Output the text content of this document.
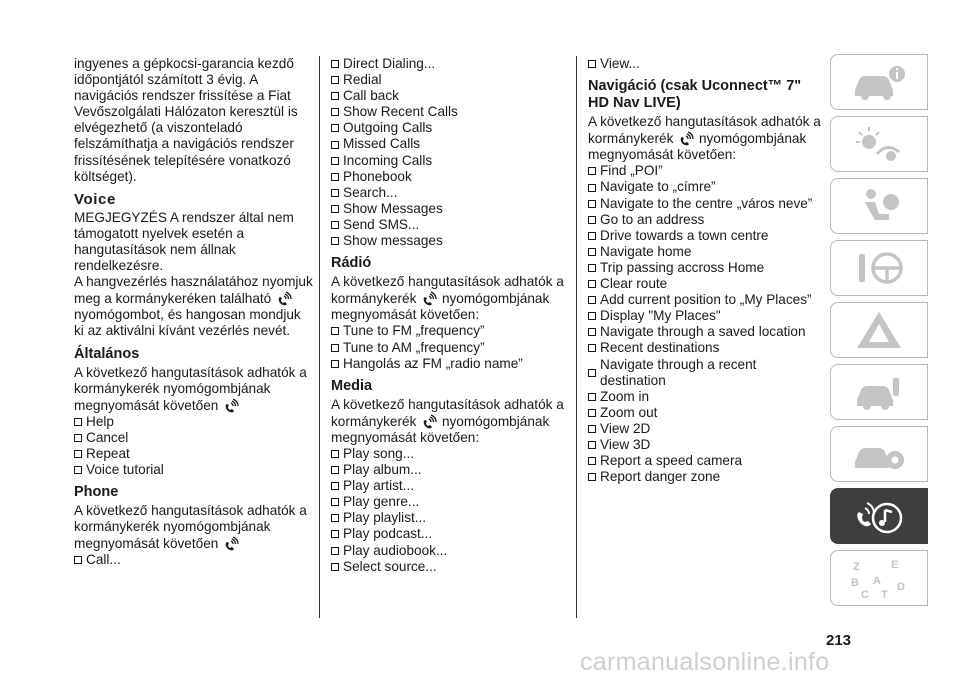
ingyenes a gépkocsi-garancia kezdő időpontjától számított 3 évig. A navigációs rendszer frissítése a Fiat Vevőszolgálati Hálózaton keresztül is elvégezhető (a viszonteladó felszámíthatja a navigációs rendszer frissítésének telepítésére vonatkozó költséget).

Voice

MEGJEGYZÉS A rendszer által nem támogatott nyelvek esetén a hangutasítások nem állnak rendelkezésre.

A hangvezérlés használatához nyomjuk meg a kormánykeréken található  nyomógombot, és hangosan mondjuk ki az aktiválni kívánt vezérlés nevét.

Általános

A következő hangutasítások adhatók a kormánykerék nyomógombjának megnyomását követően

Help
Cancel
Repeat
Voice tutorial
Phone

A következő hangutasítások adhatók a kormánykerék nyomógombjának megnyomását követően

Call...
Direct Dialing...
Redial
Call back
Show Recent Calls
Outgoing Calls
Missed Calls
Incoming Calls
Phonebook
Search...
Show Messages
Send SMS...
Show messages
Rádió

A következő hangutasítások adhatók a kormánykerék nyomógombjának megnyomását követően:

Tune to FM „frequency”
Tune to AM „frequency”
Hangolás az FM „radio name”
Media

A következő hangutasítások adhatók a kormánykerék nyomógombjának megnyomását követően:

Play song...
Play album...
Play artist...
Play genre...
Play playlist...
Play podcast...
Play audiobook...
Select source...
View...
Navigáció (csak Uconnect™ 7" HD Nav LIVE)

A következő hangutasítások adhatók a kormánykerék nyomógombjának megnyomását követően:

Find „POI”
Navigate to „címre”
Navigate to the centre „város neve”
Go to an address
Drive towards a town centre
Navigate home
Trip passing accross Home
Clear route
Add current position to „My Places”
Display "My Places"
Navigate through a saved location
Recent destinations
Navigate through a recent destination
Zoom in
Zoom out
View 2D
View 3D
Report a speed camera
Report danger zone
Z	E
B A
C T
D
213
carmanualsonline.info
